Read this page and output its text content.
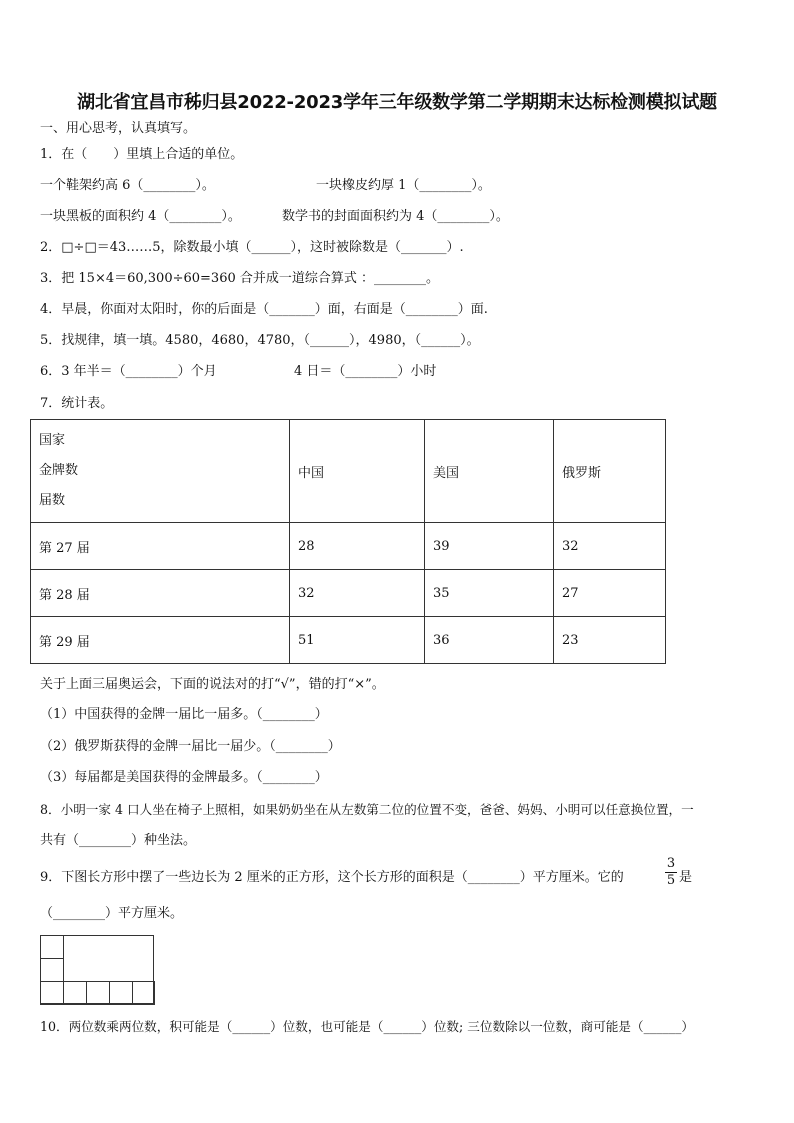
湖北省宜昌市秭归县2022-2023学年三年级数学第二学期期末达标检测模拟试题
一、用心思考，认真填写。
1．在（　　）里填上合适的单位。
一个鞋架约高 6（________）。	一块橡皮约厚 1（________）。
一块黑板的面积约 4（________）。	数学书的封面面积约为 4（________）。
2．□÷□＝43……5，除数最小填（______），这时被除数是（_______）.
3．把 15×4＝60,300÷60=360 合并成一道综合算式 ：________。
4．早晨，你面对太阳时，你的后面是（_______）面，右面是（________）面.
5．找规律，填一填。4580，4680，4780，（______），4980，（______）。
6．3 年半＝（________）个月	4 日＝（________）小时
7．统计表。
国家
金牌数
届数	中国	美国	俄罗斯
第 27 届	28	39	32
第 28 届	32	35	27
第 29 届	51	36	23
关于上面三届奥运会，下面的说法对的打“√”，错的打“×”。
（1）中国获得的金牌一届比一届多。（________）
（2）俄罗斯获得的金牌一届比一届少。（________）
（3）每届都是美国获得的金牌最多。（________）
8．小明一家 4 口人坐在椅子上照相，如果奶奶坐在从左数第二位的位置不变，爸爸、妈妈、小明可以任意换位置，一
共有（________）种坐法。
9．下图长方形中摆了一些边长为 2 厘米的正方形，这个长方形的面积是（________）平方厘米。它的
3
5 是
（________）平方厘米。
10．两位数乘两位数，积可能是（______）位数，也可能是（______）位数; 三位数除以一位数，商可能是（______）
